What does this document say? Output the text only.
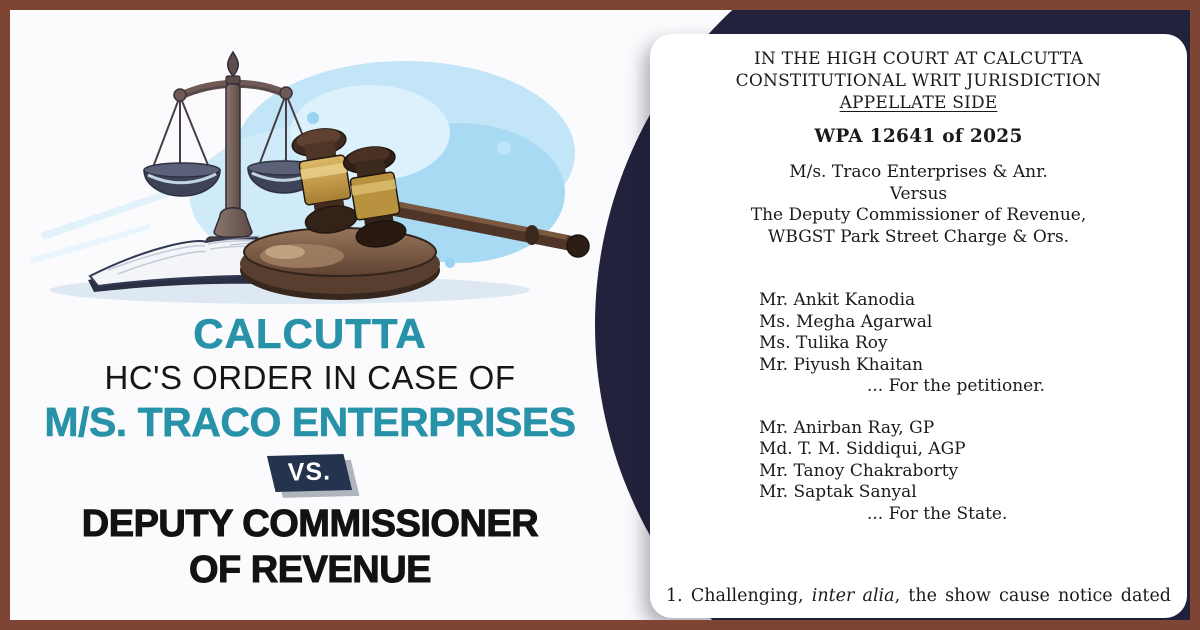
CALCUTTA
HC'S ORDER IN CASE OF
M/S. TRACO ENTERPRISES
VS.
DEPUTY COMMISSIONER
OF REVENUE
IN THE HIGH COURT AT CALCUTTA
CONSTITUTIONAL WRIT JURISDICTION
APPELLATE SIDE
WPA 12641 of 2025
M/s. Traco Enterprises & Anr.
Versus
The Deputy Commissioner of Revenue,
WBGST Park Street Charge & Ors.
Mr. Ankit Kanodia
Ms. Megha Agarwal
Ms. Tulika Roy
Mr. Piyush Khaitan
... For the petitioner.
Mr. Anirban Ray, GP
Md. T. M. Siddiqui, AGP
Mr. Tanoy Chakraborty
Mr. Saptak Sanyal
... For the State.
1. Challenging, inter alia, the show cause notice dated
